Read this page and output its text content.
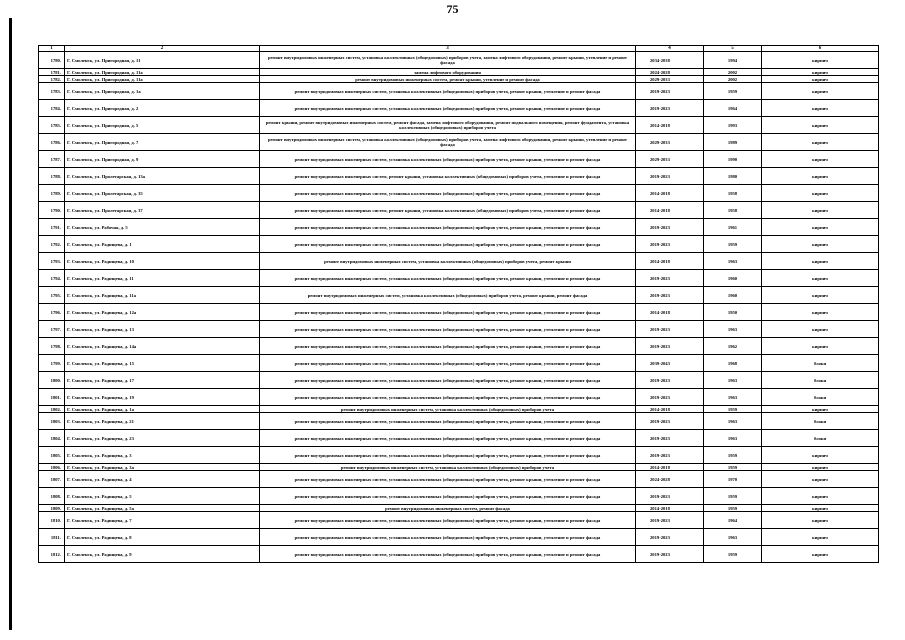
75
1	2	3	4	5	6
1780.	Г. Смоленск, ул. Пригородная, д. 11	ремонт внутридомовых инженерных систем, установка коллективных (общедомовых) приборов учета, замена лифтового оборудования, ремонт крыши, утепление и ремонт фасада	2034-2038	1994	кирпич
1781.	Г. Смоленск, ул. Пригородная, д. 11а	замена лифтового оборудования	2024-2028	2002	кирпич
1782.	Г. Смоленск, ул. Пригородная, д. 11а	ремонт внутридомовых инженерных систем, ремонт крыши, утепление и ремонт фасада	2029-2033	2002	кирпич
1783.	Г. Смоленск, ул. Пригородная, д. 1а	ремонт внутридомовых инженерных систем, установка коллективных (общедомовых) приборов учета, ремонт крыши, утепление и ремонт фасада	2019-2023	1959	кирпич
1784.	Г. Смоленск, ул. Пригородная, д. 2	ремонт внутридомовых инженерных систем, установка коллективных (общедомовых) приборов учета, ремонт крыши, утепление и ремонт фасада	2019-2023	1964	кирпич
1785.	Г. Смоленск, ул. Пригородная, д. 5	ремонт крыши, ремонт внутридомовых инженерных систем, ремонт фасада, замена лифтового оборудования, ремонт подвального помещения, ремонт фундамента, установка коллективных (общедомовых) приборов учета	2014-2018	1993	кирпич
1786.	Г. Смоленск, ул. Пригородная, д. 7	ремонт внутридомовых инженерных систем, установка коллективных (общедомовых) приборов учета, замена лифтового оборудования, ремонт крыши, утепление и ремонт фасада	2029-2033	1989	кирпич
1787.	Г. Смоленск, ул. Пригородная, д. 9	ремонт внутридомовых инженерных систем, установка коллективных (общедомовых) приборов учета, ремонт крыши, утепление и ремонт фасада	2029-2033	1990	кирпич
1788.	Г. Смоленск, ул. Пролетарская, д. 13а	ремонт внутридомовых инженерных систем, ремонт крыши, установка коллективных (общедомовых) приборов учета, утепление и ремонт фасада	2019-2023	1980	кирпич
1789.	Г. Смоленск, ул. Пролетарская, д. 35	ремонт внутридомовых инженерных систем, установка коллективных (общедомовых) приборов учета, ремонт крыши, утепление и ремонт фасада	2014-2018	1958	кирпич
1790.	Г. Смоленск, ул. Пролетарская, д. 37	ремонт внутридомовых инженерных систем, ремонт крыши, установка коллективных (общедомовых) приборов учета, утепление и ремонт фасада	2014-2018	1958	кирпич
1791.	Г. Смоленск, ул. Рабочая, д. 5	ремонт внутридомовых инженерных систем, установка коллективных (общедомовых) приборов учета, ремонт крыши, утепление и ремонт фасада	2019-2023	1961	кирпич
1792.	Г. Смоленск, ул. Радищева, д. 1	ремонт внутридомовых инженерных систем, установка коллективных (общедомовых) приборов учета, ремонт крыши, утепление и ремонт фасада	2019-2023	1959	кирпич
1793.	Г. Смоленск, ул. Радищева, д. 10	ремонт внутридомовых инженерных систем, установка коллективных (общедомовых) приборов учета, ремонт крыши	2014-2018	1963	кирпич
1794.	Г. Смоленск, ул. Радищева, д. 11	ремонт внутридомовых инженерных систем, установка коллективных (общедомовых) приборов учета, ремонт крыши, утепление и ремонт фасада	2019-2023	1960	кирпич
1795.	Г. Смоленск, ул. Радищева, д. 11а	ремонт внутридомовых инженерных систем, установка коллективных (общедомовых) приборов учета, ремонт крыши, ремонт фасада	2019-2023	1960	кирпич
1796.	Г. Смоленск, ул. Радищева, д. 12а	ремонт внутридомовых инженерных систем, установка коллективных (общедомовых) приборов учета, ремонт крыши, утепление и ремонт фасада	2014-2018	1950	кирпич
1797.	Г. Смоленск, ул. Радищева, д. 13	ремонт внутридомовых инженерных систем, установка коллективных (общедомовых) приборов учета, ремонт крыши, утепление и ремонт фасада	2019-2023	1963	кирпич
1798.	Г. Смоленск, ул. Радищева, д. 14а	ремонт внутридомовых инженерных систем, установка коллективных (общедомовых) приборов учета, ремонт крыши, утепление и ремонт фасада	2019-2023	1962	кирпич
1799.	Г. Смоленск, ул. Радищева, д. 15	ремонт внутридомовых инженерных систем, установка коллективных (общедомовых) приборов учета, ремонт крыши, утепление и ремонт фасада	2039-2043	1968	блоки
1800.	Г. Смоленск, ул. Радищева, д. 17	ремонт внутридомовых инженерных систем, установка коллективных (общедомовых) приборов учета, ремонт крыши, утепление и ремонт фасада	2019-2023	1963	блоки
1801.	Г. Смоленск, ул. Радищева, д. 19	ремонт внутридомовых инженерных систем, установка коллективных (общедомовых) приборов учета, ремонт крыши, утепление и ремонт фасада	2019-2023	1963	блоки
1802.	Г. Смоленск, ул. Радищева, д. 1а	ремонт внутридомовых инженерных систем, установка коллективных (общедомовых) приборов учета	2014-2018	1959	кирпич
1803.	Г. Смоленск, ул. Радищева, д. 21	ремонт внутридомовых инженерных систем, установка коллективных (общедомовых) приборов учета, ремонт крыши, утепление и ремонт фасада	2019-2023	1963	блоки
1804.	Г. Смоленск, ул. Радищева, д. 23	ремонт внутридомовых инженерных систем, установка коллективных (общедомовых) приборов учета, ремонт крыши, утепление и ремонт фасада	2019-2023	1963	блоки
1805.	Г. Смоленск, ул. Радищева, д. 3	ремонт внутридомовых инженерных систем, установка коллективных (общедомовых) приборов учета, ремонт крыши, утепление и ремонт фасада	2019-2023	1959	кирпич
1806.	Г. Смоленск, ул. Радищева, д. 3а	ремонт внутридомовых инженерных систем, установка коллективных (общедомовых) приборов учета	2014-2018	1959	кирпич
1807.	Г. Смоленск, ул. Радищева, д. 4	ремонт внутридомовых инженерных систем, установка коллективных (общедомовых) приборов учета, ремонт крыши, утепление и ремонт фасада	2024-2028	1970	кирпич
1808.	Г. Смоленск, ул. Радищева, д. 5	ремонт внутридомовых инженерных систем, установка коллективных (общедомовых) приборов учета, ремонт крыши, утепление и ремонт фасада	2019-2023	1959	кирпич
1809.	Г. Смоленск, ул. Радищева, д. 5а	ремонт внутридомовых инженерных систем, ремонт фасада	2014-2018	1959	кирпич
1810.	Г. Смоленск, ул. Радищева, д. 7	ремонт внутридомовых инженерных систем, установка коллективных (общедомовых) приборов учета, ремонт крыши, утепление и ремонт фасада	2019-2023	1964	кирпич
1811.	Г. Смоленск, ул. Радищева, д. 8	ремонт внутридомовых инженерных систем, установка коллективных (общедомовых) приборов учета, ремонт крыши, утепление и ремонт фасада	2019-2023	1963	кирпич
1812.	Г. Смоленск, ул. Радищева, д. 9	ремонт внутридомовых инженерных систем, установка коллективных (общедомовых) приборов учета, ремонт крыши, утепление и ремонт фасада	2019-2023	1959	кирпич
